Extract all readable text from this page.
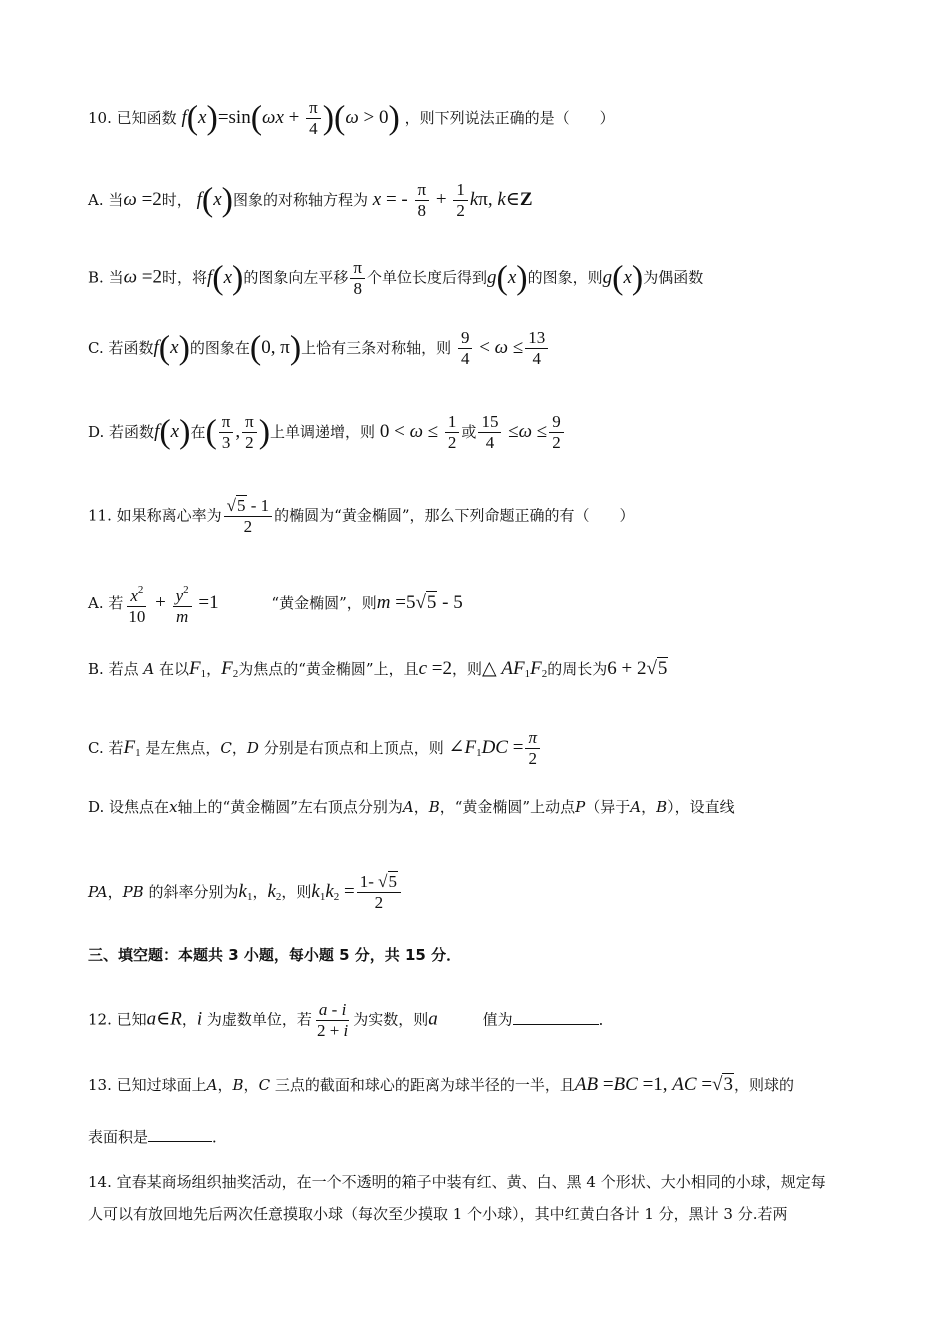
10. 已知函数 $f(x)=\sin(\omega x + \frac{\pi}{4} )(\omega > 0)$ ，则下列说法正确的是（　　）
A. 当ω =2时， f(x)图象的对称轴方程为 x = - $\frac{\pi}{8} + \frac{1}{2} k\pi$, k∈Z
B. 当ω =2时，将f(x)的图象向左平移 $\frac{\pi}{8}$ 个单位长度后得到g(x)的图象，则g(x)为偶函数
C. 若函数f(x)的图象在(0, π)上恰有三条对称轴，则 $\frac{9}{4} < \omega \le \frac{13}{4}$
D. 若函数f(x)在( $\frac{\pi}{3}$ , $\frac{\pi}{2}$ )上单调递增，则 $0 < \omega \le \frac{1}{2}$ 或 $\frac{15}{4} \le\omega \le \frac{9}{2}$
11. 如果称离心率为 $\frac{√5 - 1}{2}$ 的椭圆为“黄金椭圆”，那么下列命题正确的有（　　）
A. 若 $\frac{x^2}{10} + \frac{y^2}{m} =1$	“黄金椭圆”，则m =5√5 - 5
B. 若点 A 在以$F_1$，$F_2$为焦点的“黄金椭圆”上，且c =2，则△ $AF_1F_2$的周长为6 + 2√5
C. 若$F_1$ 是左焦点，C，D 分别是右顶点和上顶点，则 $\angle F_1DC = \frac{\pi}{2}$
D. 设焦点在x轴上的“黄金椭圆”左右顶点分别为A，B，“黄金椭圆”上动点P（异于A，B），设直线
PA，PB 的斜率分别为$k_1$，$k_2$，则$k_1k_2 = \frac{1- √5}{2}$
三、填空题：本题共 3 小题，每小题 5 分，共 15 分．
12. 已知a∈R，i 为虚数单位，若 $\frac{a - i}{2 + i}$ 为实数，则a	值为	．
13. 已知过球面上A，B，C 三点的截面和球心的距离为球半径的一半，且AB =BC =1, AC =√3，则球的
表面积是	．
14. 宜春某商场组织抽奖活动，在一个不透明的箱子中装有红、黄、白、黑 4 个形状、大小相同的小球，规定每
人可以有放回地先后两次任意摸取小球（每次至少摸取 1 个小球），其中红黄白各计 1 分，黑计 3 分.若两
